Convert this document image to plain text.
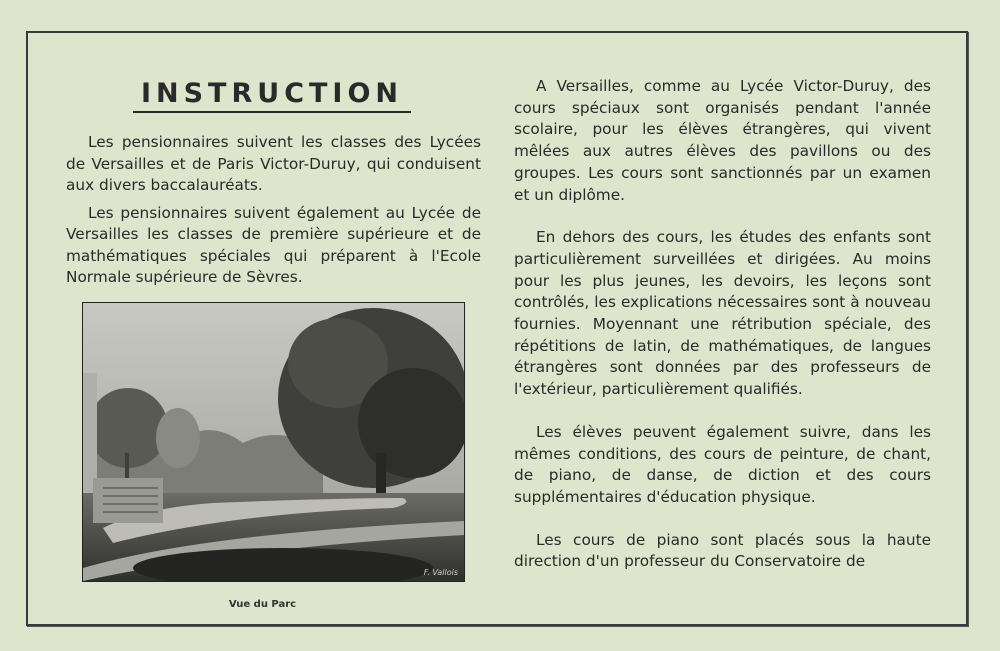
INSTRUCTION

Les pensionnaires suivent les classes des Lycées de Versailles et de Paris Victor-Duruy, qui conduisent aux divers baccalauréats.

Les pensionnaires suivent également au Lycée de Versailles les classes de première supérieure et de mathématiques spéciales qui préparent à l'Ecole Normale supérieure de Sèvres.

F. Vallois
Vue du Parc

A Versailles, comme au Lycée Victor-Duruy, des cours spéciaux sont organisés pendant l'année scolaire, pour les élèves étrangères, qui vivent mêlées aux autres élèves des pavillons ou des groupes. Les cours sont sanctionnés par un examen et un diplôme.

En dehors des cours, les études des enfants sont particulièrement surveillées et dirigées. Au moins pour les plus jeunes, les devoirs, les leçons sont contrôlés, les explications nécessaires sont à nouveau fournies. Moyennant une rétribution spéciale, des répétitions de latin, de mathématiques, de langues étrangères sont données par des professeurs de l'extérieur, particulièrement qualifiés.

Les élèves peuvent également suivre, dans les mêmes conditions, des cours de peinture, de chant, de piano, de danse, de diction et des cours supplémentaires d'éducation physique.

Les cours de piano sont placés sous la haute direction d'un professeur du Conservatoire de
